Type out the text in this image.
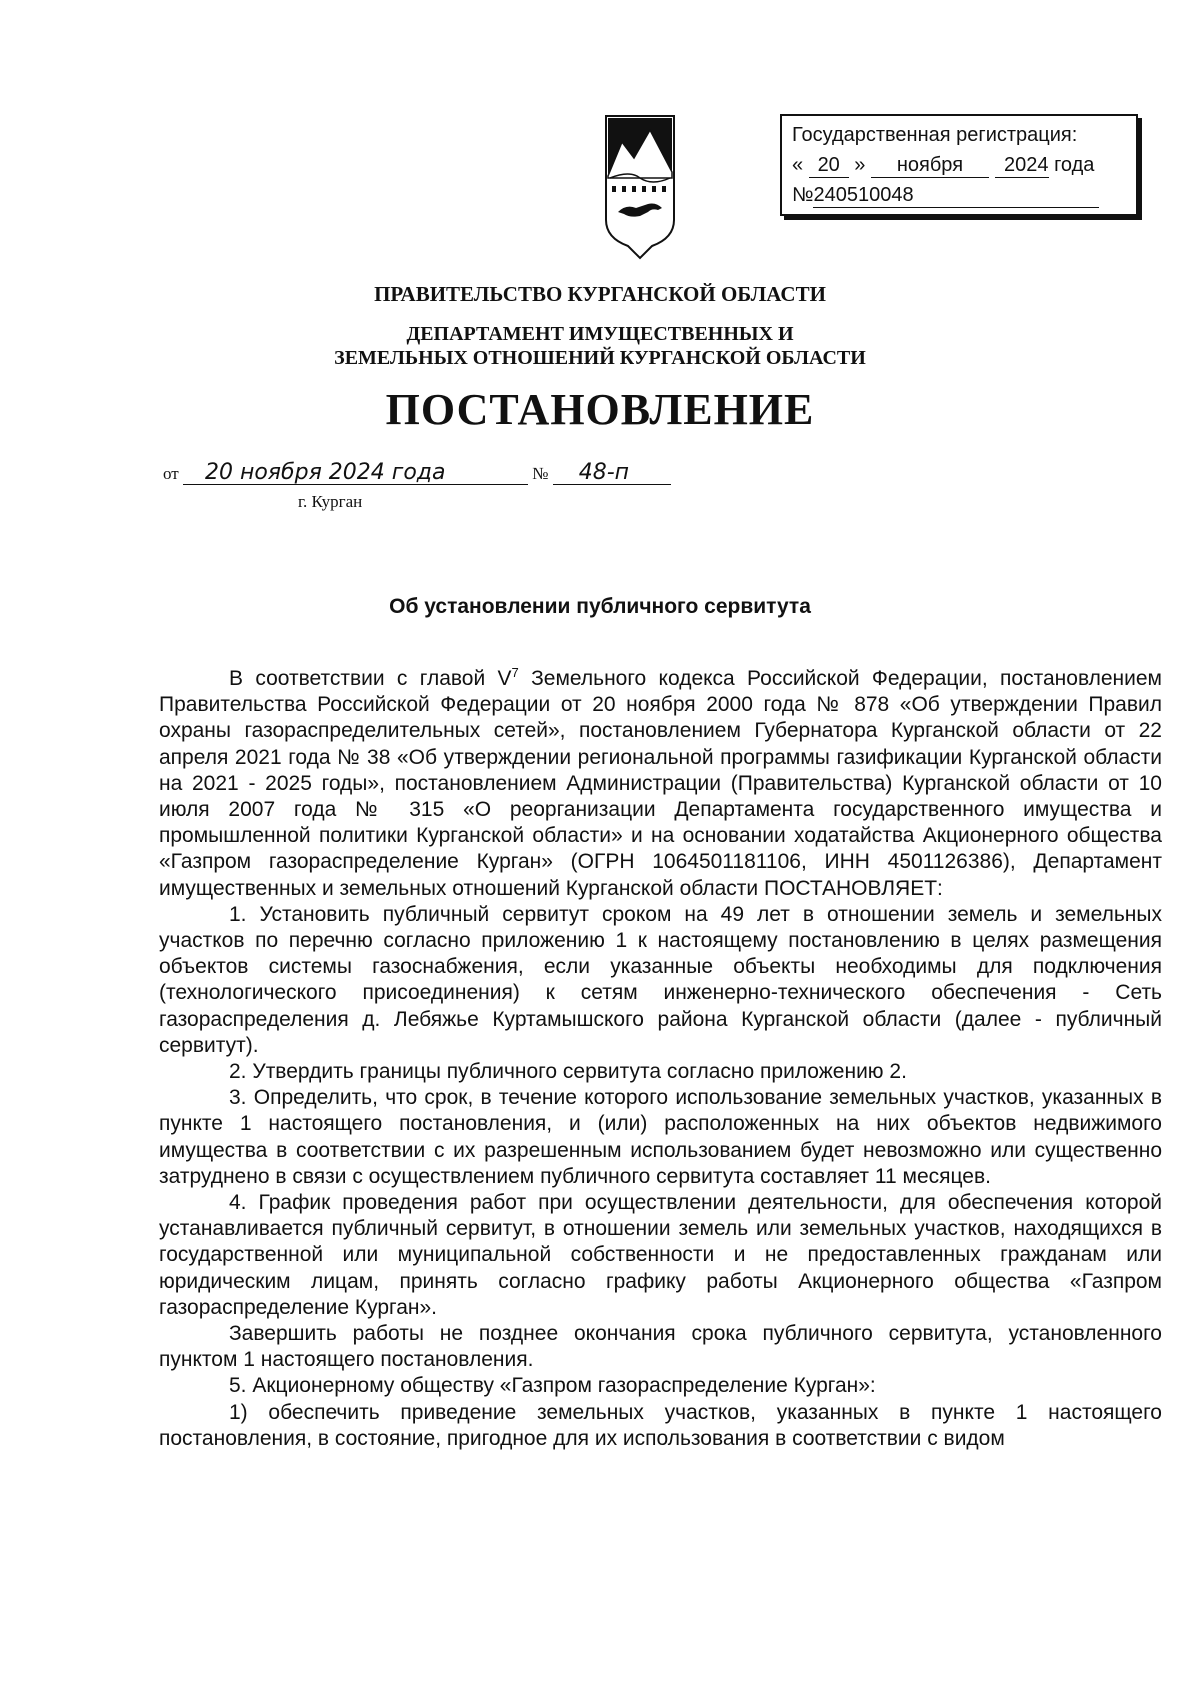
Государственная регистрация:
« 20 » ноября 2024 года
№240510048
ПРАВИТЕЛЬСТВО КУРГАНСКОЙ ОБЛАСТИ
ДЕПАРТАМЕНТ ИМУЩЕСТВЕННЫХ И
ЗЕМЕЛЬНЫХ ОТНОШЕНИЙ КУРГАНСКОЙ ОБЛАСТИ
ПОСТАНОВЛЕНИЕ
от 20 ноября 2024 года	№ 48-п
г. Курган
Об установлении публичного сервитута

В соответствии с главой $V^7$ Земельного кодекса Российской Федерации, постановлением Правительства Российской Федерации от 20 ноября 2000 года № 878 «Об утверждении Правил охраны газораспределительных сетей», постановлением Губернатора Курганской области от 22 апреля 2021 года № 38 «Об утверждении региональной программы газификации Курганской области на 2021 - 2025 годы», постановлением Администрации (Правительства) Курганской области от 10 июля 2007 года № 315 «О реорганизации Департамента государственного имущества и промышленной политики Курганской области» и на основании ходатайства Акционерного общества «Газпром газораспределение Курган» (ОГРН 1064501181106, ИНН 4501126386), Департамент имущественных и земельных отношений Курганской области ПОСТАНОВЛЯЕТ:

1. Установить публичный сервитут сроком на 49 лет в отношении земель и земельных участков по перечню согласно приложению 1 к настоящему постановлению в целях размещения объектов системы газоснабжения, если указанные объекты необходимы для подключения (технологического присоединения) к сетям инженерно-технического обеспечения - Сеть газораспределения д. Лебяжье Куртамышского района Курганской области (далее - публичный сервитут).

2. Утвердить границы публичного сервитута согласно приложению 2.

3. Определить, что срок, в течение которого использование земельных участков, указанных в пункте 1 настоящего постановления, и (или) расположенных на них объектов недвижимого имущества в соответствии с их разрешенным использованием будет невозможно или существенно затруднено в связи с осуществлением публичного сервитута составляет 11 месяцев.

4. График проведения работ при осуществлении деятельности, для обеспечения которой устанавливается публичный сервитут, в отношении земель или земельных участков, находящихся в государственной или муниципальной собственности и не предоставленных гражданам или юридическим лицам, принять согласно графику работы Акционерного общества «Газпром газораспределение Курган».

Завершить работы не позднее окончания срока публичного сервитута, установленного пунктом 1 настоящего постановления.

5. Акционерному обществу «Газпром газораспределение Курган»:

1) обеспечить приведение земельных участков, указанных в пункте 1 настоящего постановления, в состояние, пригодное для их использования в соответствии с видом
